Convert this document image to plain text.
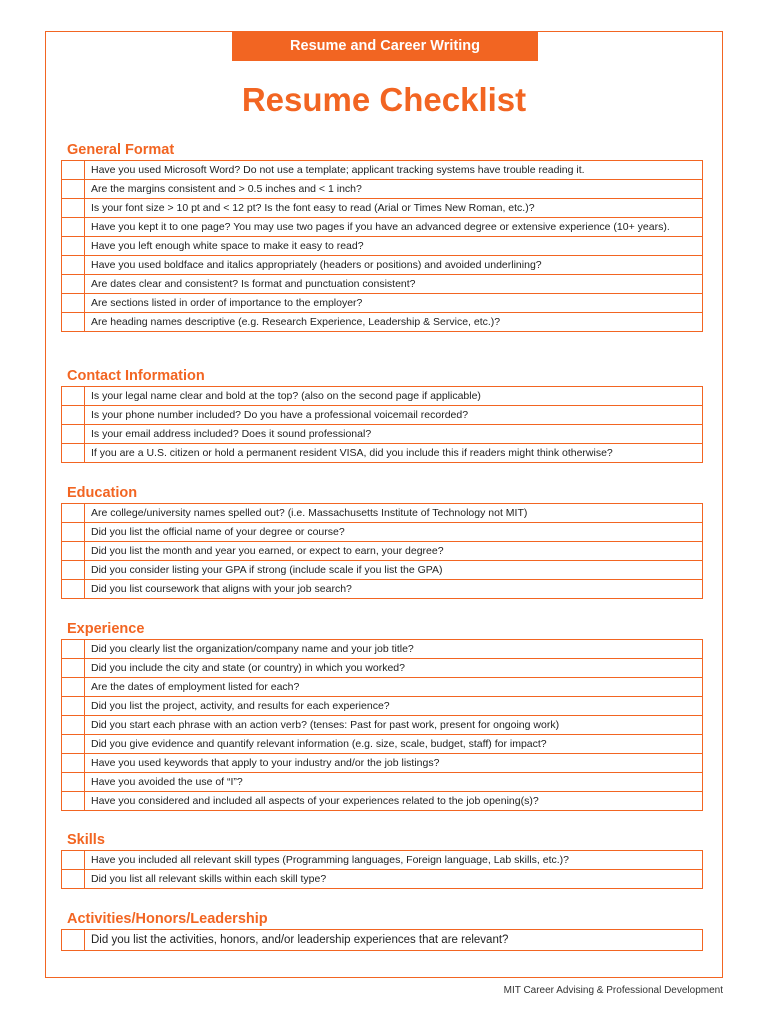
Resume and Career Writing
Resume Checklist
General Format
Have you used Microsoft Word? Do not use a template; applicant tracking systems have trouble reading it.
Are the margins consistent and > 0.5 inches and < 1 inch?
Is your font size > 10 pt and < 12 pt? Is the font easy to read (Arial or Times New Roman, etc.)?
Have you kept it to one page? You may use two pages if you have an advanced degree or extensive experience (10+ years).
Have you left enough white space to make it easy to read?
Have you used boldface and italics appropriately (headers or positions) and avoided underlining?
Are dates clear and consistent? Is format and punctuation consistent?
Are sections listed in order of importance to the employer?
Are heading names descriptive (e.g. Research Experience, Leadership & Service, etc.)?
Contact Information
Is your legal name clear and bold at the top? (also on the second page if applicable)
Is your phone number included? Do you have a professional voicemail recorded?
Is your email address included? Does it sound professional?
If you are a U.S. citizen or hold a permanent resident VISA, did you include this if readers might think otherwise?
Education
Are college/university names spelled out? (i.e. Massachusetts Institute of Technology not MIT)
Did you list the official name of your degree or course?
Did you list the month and year you earned, or expect to earn, your degree?
Did you consider listing your GPA if strong (include scale if you list the GPA)
Did you list coursework that aligns with your job search?
Experience
Did you clearly list the organization/company name and your job title?
Did you include the city and state (or country) in which you worked?
Are the dates of employment listed for each?
Did you list the project, activity, and results for each experience?
Did you start each phrase with an action verb? (tenses: Past for past work, present for ongoing work)
Did you give evidence and quantify relevant information (e.g. size, scale, budget, staff) for impact?
Have you used keywords that apply to your industry and/or the job listings?
Have you avoided the use of “I”?
Have you considered and included all aspects of your experiences related to the job opening(s)?
Skills
Have you included all relevant skill types (Programming languages, Foreign language, Lab skills, etc.)?
Did you list all relevant skills within each skill type?
Activities/Honors/Leadership
Did you list the activities, honors, and/or leadership experiences that are relevant?
MIT Career Advising & Professional Development
